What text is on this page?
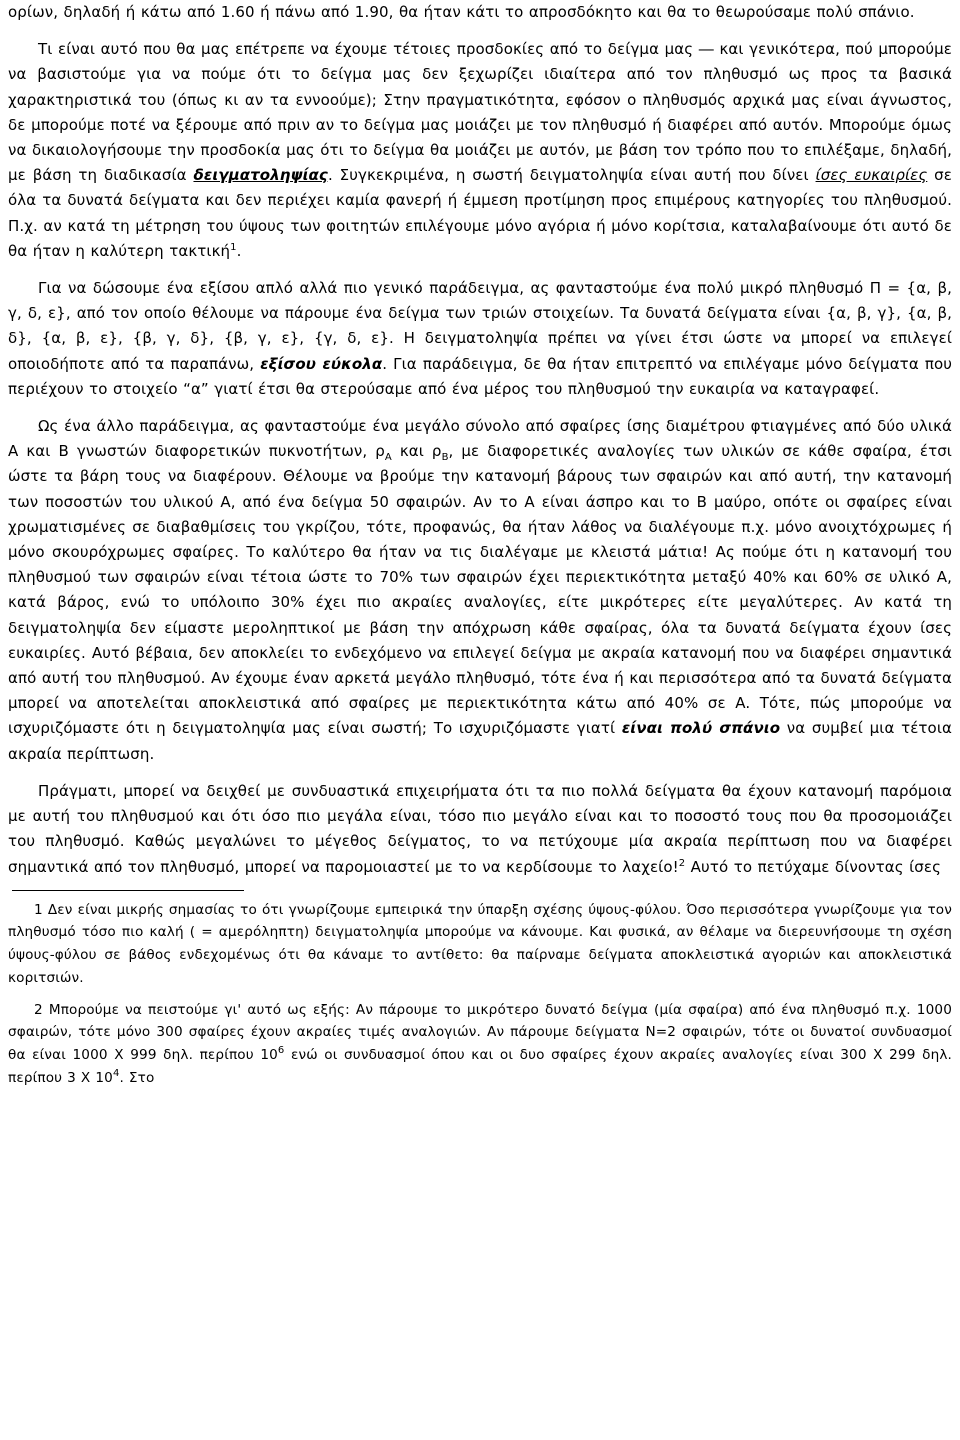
ορίων, δηλαδή ή κάτω από 1.60 ή πάνω από 1.90, θα ήταν κάτι το απροσδόκητο και θα το θεωρούσαμε πολύ σπάνιο.

Τι είναι αυτό που θα μας επέτρεπε να έχουμε τέτοιες προσδοκίες από το δείγμα μας ― και γενικότερα, πού μπορούμε να βασιστούμε για να πούμε ότι το δείγμα μας δεν ξεχωρίζει ιδιαίτερα από τον πληθυσμό ως προς τα βασικά χαρακτηριστικά του (όπως κι αν τα εννοούμε); Στην πραγματικότητα, εφόσον ο πληθυσμός αρχικά μας είναι άγνωστος, δε μπορούμε ποτέ να ξέρουμε από πριν αν το δείγμα μας μοιάζει με τον πληθυσμό ή διαφέρει από αυτόν. Μπορούμε όμως να δικαιολογήσουμε την προσδοκία μας ότι το δείγμα θα μοιάζει με αυτόν, με βάση τον τρόπο που το επιλέξαμε, δηλαδή, με βάση τη διαδικασία δειγματοληψίας. Συγκεκριμένα, η σωστή δειγματοληψία είναι αυτή που δίνει ίσες ευκαιρίες σε όλα τα δυνατά δείγματα και δεν περιέχει καμία φανερή ή έμμεση προτίμηση προς επιμέρους κατηγορίες του πληθυσμού. Π.χ. αν κατά τη μέτρηση του ύψους των φοιτητών επιλέγουμε μόνο αγόρια ή μόνο κορίτσια, καταλαβαίνουμε ότι αυτό δε θα ήταν η καλύτερη τακτική$^1$.

Για να δώσουμε ένα εξίσου απλό αλλά πιο γενικό παράδειγμα, ας φανταστούμε ένα πολύ μικρό πληθυσμό Π = {α, β, γ, δ, ε}, από τον οποίο θέλουμε να πάρουμε ένα δείγμα των τριών στοιχείων. Τα δυνατά δείγματα είναι {α, β, γ}, {α, β, δ}, {α, β, ε}, {β, γ, δ}, {β, γ, ε}, {γ, δ, ε}. Η δειγματοληψία πρέπει να γίνει έτσι ώστε να μπορεί να επιλεγεί οποιοδήποτε από τα παραπάνω, εξίσου εύκολα. Για παράδειγμα, δε θα ήταν επιτρεπτό να επιλέγαμε μόνο δείγματα που περιέχουν το στοιχείο “α” γιατί έτσι θα στερούσαμε από ένα μέρος του πληθυσμού την ευκαιρία να καταγραφεί.

Ως ένα άλλο παράδειγμα, ας φανταστούμε ένα μεγάλο σύνολο από σφαίρες ίσης διαμέτρου φτιαγμένες από δύο υλικά A και B γνωστών διαφορετικών πυκνοτήτων, $\rho_A$ και $\rho_B$, με διαφορετικές αναλογίες των υλικών σε κάθε σφαίρα, έτσι ώστε τα βάρη τους να διαφέρουν. Θέλουμε να βρούμε την κατανομή βάρους των σφαιρών και από αυτή, την κατανομή των ποσοστών του υλικού A, από ένα δείγμα 50 σφαιρών. Αν το A είναι άσπρο και το B μαύρο, οπότε οι σφαίρες είναι χρωματισμένες σε διαβαθμίσεις του γκρίζου, τότε, προφανώς, θα ήταν λάθος να διαλέγουμε π.χ. μόνο ανοιχτόχρωμες ή μόνο σκουρόχρωμες σφαίρες. Το καλύτερο θα ήταν να τις διαλέγαμε με κλειστά μάτια! Ας πούμε ότι η κατανομή του πληθυσμού των σφαιρών είναι τέτοια ώστε το 70% των σφαιρών έχει περιεκτικότητα μεταξύ 40% και 60% σε υλικό A, κατά βάρος, ενώ το υπόλοιπο 30% έχει πιο ακραίες αναλογίες, είτε μικρότερες είτε μεγαλύτερες. Αν κατά τη δειγματοληψία δεν είμαστε μεροληπτικοί με βάση την απόχρωση κάθε σφαίρας, όλα τα δυνατά δείγματα έχουν ίσες ευκαιρίες. Αυτό βέβαια, δεν αποκλείει το ενδεχόμενο να επιλεγεί δείγμα με ακραία κατανομή που να διαφέρει σημαντικά από αυτή του πληθυσμού. Αν έχουμε έναν αρκετά μεγάλο πληθυσμό, τότε ένα ή και περισσότερα από τα δυνατά δείγματα μπορεί να αποτελείται αποκλειστικά από σφαίρες με περιεκτικότητα κάτω από 40% σε A. Τότε, πώς μπορούμε να ισχυριζόμαστε ότι η δειγματοληψία μας είναι σωστή; Το ισχυριζόμαστε γιατί είναι πολύ σπάνιο να συμβεί μια τέτοια ακραία περίπτωση.

Πράγματι, μπορεί να δειχθεί με συνδυαστικά επιχειρήματα ότι τα πιο πολλά δείγματα θα έχουν κατανομή παρόμοια με αυτή του πληθυσμού και ότι όσο πιο μεγάλα είναι, τόσο πιο μεγάλο είναι και το ποσοστό τους που θα προσομοιάζει του πληθυσμό. Καθώς μεγαλώνει το μέγεθος δείγματος, το να πετύχουμε μία ακραία περίπτωση που να διαφέρει σημαντικά από τον πληθυσμό, μπορεί να παρομοιαστεί με το να κερδίσουμε το λαχείο!$^2$ Αυτό το πετύχαμε δίνοντας ίσες

1 Δεν είναι μικρής σημασίας το ότι γνωρίζουμε εμπειρικά την ύπαρξη σχέσης ύψους-φύλου. Όσο περισσότερα γνωρίζουμε για τον πληθυσμό τόσο πιο καλή ( = αμερόληπτη) δειγματοληψία μπορούμε να κάνουμε. Και φυσικά, αν θέλαμε να διερευνήσουμε τη σχέση ύψους-φύλου σε βάθος ενδεχομένως ότι θα κάναμε το αντίθετο: θα παίρναμε δείγματα αποκλειστικά αγοριών και αποκλειστικά κοριτσιών.

2 Μπορούμε να πειστούμε γι' αυτό ως εξής: Αν πάρουμε το μικρότερο δυνατό δείγμα (μία σφαίρα) από ένα πληθυσμό π.χ. 1000 σφαιρών, τότε μόνο 300 σφαίρες έχουν ακραίες τιμές αναλογιών. Αν πάρουμε δείγματα N=2 σφαιρών, τότε οι δυνατοί συνδυασμοί θα είναι 1000 X 999 δηλ. περίπου $10^6$ ενώ οι συνδυασμοί όπου και οι δυο σφαίρες έχουν ακραίες αναλογίες είναι 300 X 299 δηλ. περίπου 3 X $10^4$. Στο
